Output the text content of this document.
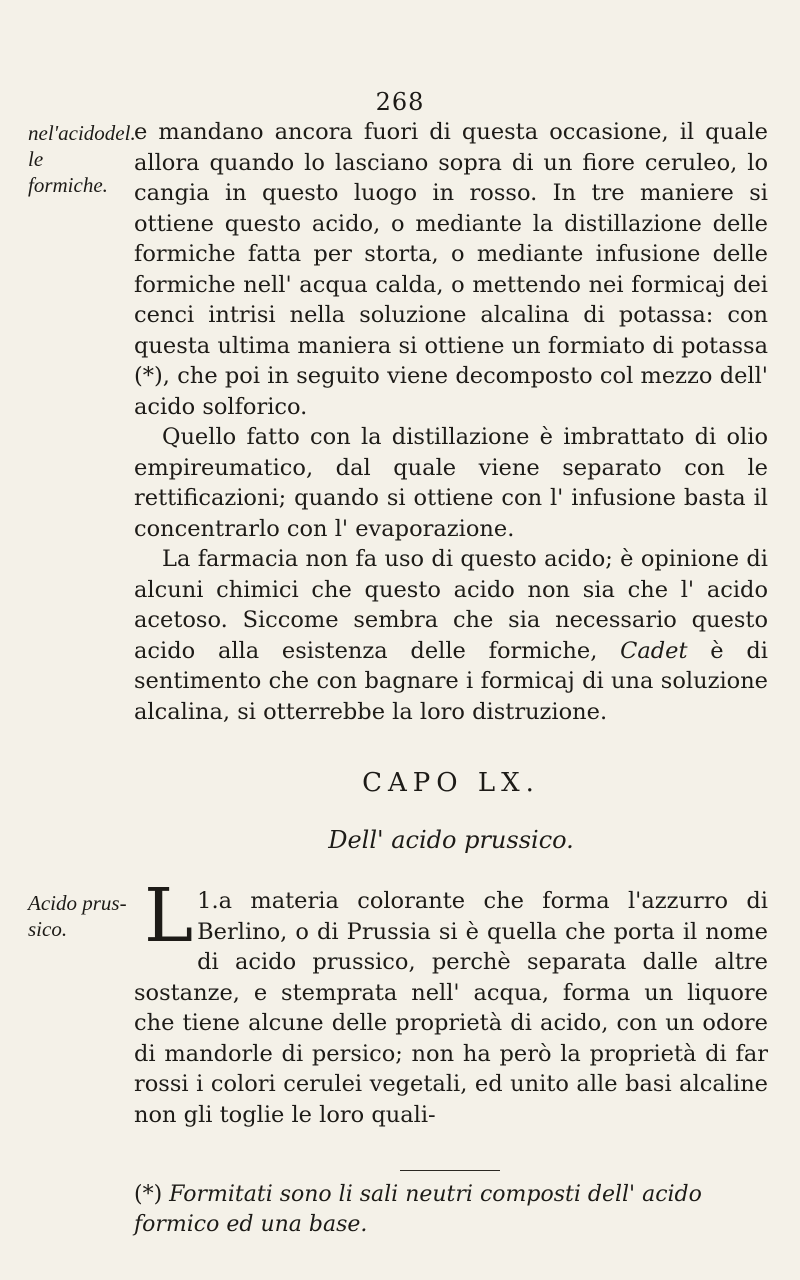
268
nel'acidodel.
le formiche.

e mandano ancora fuori di questa occasione, il quale allora quando lo lasciano sopra di un fiore ceruleo, lo cangia in questo luogo in rosso. In tre maniere si ottiene questo acido, o mediante la distillazione delle formiche fatta per storta, o mediante infusione delle formiche nell' acqua calda, o mettendo nei formicaj dei cenci intrisi nella soluzione alcalina di potassa: con questa ultima maniera si ottiene un formiato di potassa (*), che poi in seguito viene decomposto col mezzo dell' acido solforico.

Quello fatto con la distillazione è imbrattato di olio empireumatico, dal quale viene separato con le rettificazioni; quando si ottiene con l' infusione basta il concentrarlo con l' evaporazione.

La farmacia non fa uso di questo acido; è opinione di alcuni chimici che questo acido non sia che l' acido acetoso. Siccome sembra che sia necessario questo acido alla esistenza delle formiche, Cadet è di sentimento che con bagnare i formicaj di una soluzione alcalina, si otterrebbe la loro distruzione.

CAPO LX.
Dell' acido prussico.
Acido prus-
sico.

1.
L a materia colorante che forma l'azzurro di Berlino, o di Prussia si è quella che porta il nome di acido prussico, perchè separata dalle altre sostanze, e stemprata nell' acqua, forma un liquore che tiene alcune delle proprietà di acido, con un odore di mandorle di persico; non ha però la proprietà di far rossi i colori cerulei vegetali, ed unito alle basi alcaline non gli toglie le loro quali-

(*) Formitati sono li sali neutri composti dell' acido formico ed una base.
